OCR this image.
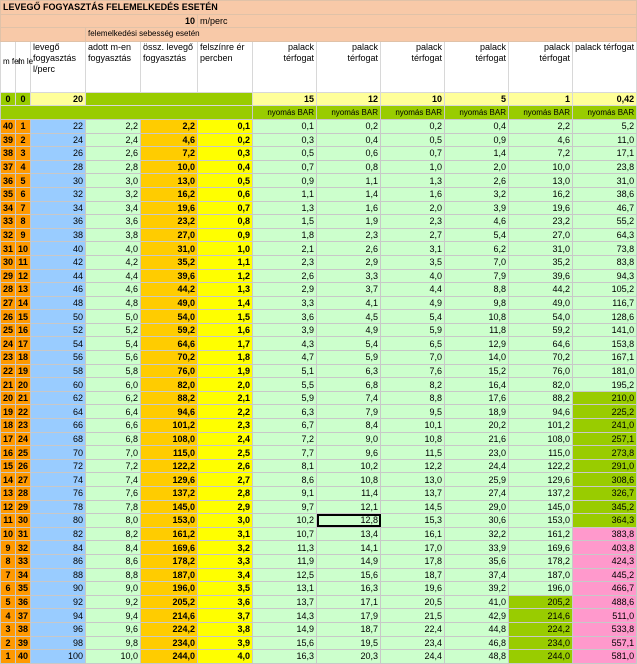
LEVEGŐ FOGYASZTÁS FELEMELKEDÉS ESETÉN											
10					m/perc						
			felemelkedési sebesség esetén								
m fel	m le	levegő fogyasztás l/perc	adott m-en fogyasztás	össz. levegő fogyasztás	felszínre ér percben	palack térfogat	palack térfogat	palack térfogat	palack térfogat	palack térfogat	palack térfogat
0	0	20				15	12	10	5	1	0,42
						nyomás BAR	nyomás BAR	nyomás BAR	nyomás BAR	nyomás BAR	nyomás BAR
40	1	22	2,2	2,2	0,1	0,1	0,2	0,2	0,4	2,2	5,2
39	2	24	2,4	4,6	0,2	0,3	0,4	0,5	0,9	4,6	11,0
38	3	26	2,6	7,2	0,3	0,5	0,6	0,7	1,4	7,2	17,1
37	4	28	2,8	10,0	0,4	0,7	0,8	1,0	2,0	10,0	23,8
36	5	30	3,0	13,0	0,5	0,9	1,1	1,3	2,6	13,0	31,0
35	6	32	3,2	16,2	0,6	1,1	1,4	1,6	3,2	16,2	38,6
34	7	34	3,4	19,6	0,7	1,3	1,6	2,0	3,9	19,6	46,7
33	8	36	3,6	23,2	0,8	1,5	1,9	2,3	4,6	23,2	55,2
32	9	38	3,8	27,0	0,9	1,8	2,3	2,7	5,4	27,0	64,3
31	10	40	4,0	31,0	1,0	2,1	2,6	3,1	6,2	31,0	73,8
30	11	42	4,2	35,2	1,1	2,3	2,9	3,5	7,0	35,2	83,8
29	12	44	4,4	39,6	1,2	2,6	3,3	4,0	7,9	39,6	94,3
28	13	46	4,6	44,2	1,3	2,9	3,7	4,4	8,8	44,2	105,2
27	14	48	4,8	49,0	1,4	3,3	4,1	4,9	9,8	49,0	116,7
26	15	50	5,0	54,0	1,5	3,6	4,5	5,4	10,8	54,0	128,6
25	16	52	5,2	59,2	1,6	3,9	4,9	5,9	11,8	59,2	141,0
24	17	54	5,4	64,6	1,7	4,3	5,4	6,5	12,9	64,6	153,8
23	18	56	5,6	70,2	1,8	4,7	5,9	7,0	14,0	70,2	167,1
22	19	58	5,8	76,0	1,9	5,1	6,3	7,6	15,2	76,0	181,0
21	20	60	6,0	82,0	2,0	5,5	6,8	8,2	16,4	82,0	195,2
20	21	62	6,2	88,2	2,1	5,9	7,4	8,8	17,6	88,2	210,0
19	22	64	6,4	94,6	2,2	6,3	7,9	9,5	18,9	94,6	225,2
18	23	66	6,6	101,2	2,3	6,7	8,4	10,1	20,2	101,2	241,0
17	24	68	6,8	108,0	2,4	7,2	9,0	10,8	21,6	108,0	257,1
16	25	70	7,0	115,0	2,5	7,7	9,6	11,5	23,0	115,0	273,8
15	26	72	7,2	122,2	2,6	8,1	10,2	12,2	24,4	122,2	291,0
14	27	74	7,4	129,6	2,7	8,6	10,8	13,0	25,9	129,6	308,6
13	28	76	7,6	137,2	2,8	9,1	11,4	13,7	27,4	137,2	326,7
12	29	78	7,8	145,0	2,9	9,7	12,1	14,5	29,0	145,0	345,2
11	30	80	8,0	153,0	3,0	10,2	12,8	15,3	30,6	153,0	364,3
10	31	82	8,2	161,2	3,1	10,7	13,4	16,1	32,2	161,2	383,8
9	32	84	8,4	169,6	3,2	11,3	14,1	17,0	33,9	169,6	403,8
8	33	86	8,6	178,2	3,3	11,9	14,9	17,8	35,6	178,2	424,3
7	34	88	8,8	187,0	3,4	12,5	15,6	18,7	37,4	187,0	445,2
6	35	90	9,0	196,0	3,5	13,1	16,3	19,6	39,2	196,0	466,7
5	36	92	9,2	205,2	3,6	13,7	17,1	20,5	41,0	205,2	488,6
4	37	94	9,4	214,6	3,7	14,3	17,9	21,5	42,9	214,6	511,0
3	38	96	9,6	224,2	3,8	14,9	18,7	22,4	44,8	224,2	533,8
2	39	98	9,8	234,0	3,9	15,6	19,5	23,4	46,8	234,0	557,1
1	40	100	10,0	244,0	4,0	16,3	20,3	24,4	48,8	244,0	581,0
